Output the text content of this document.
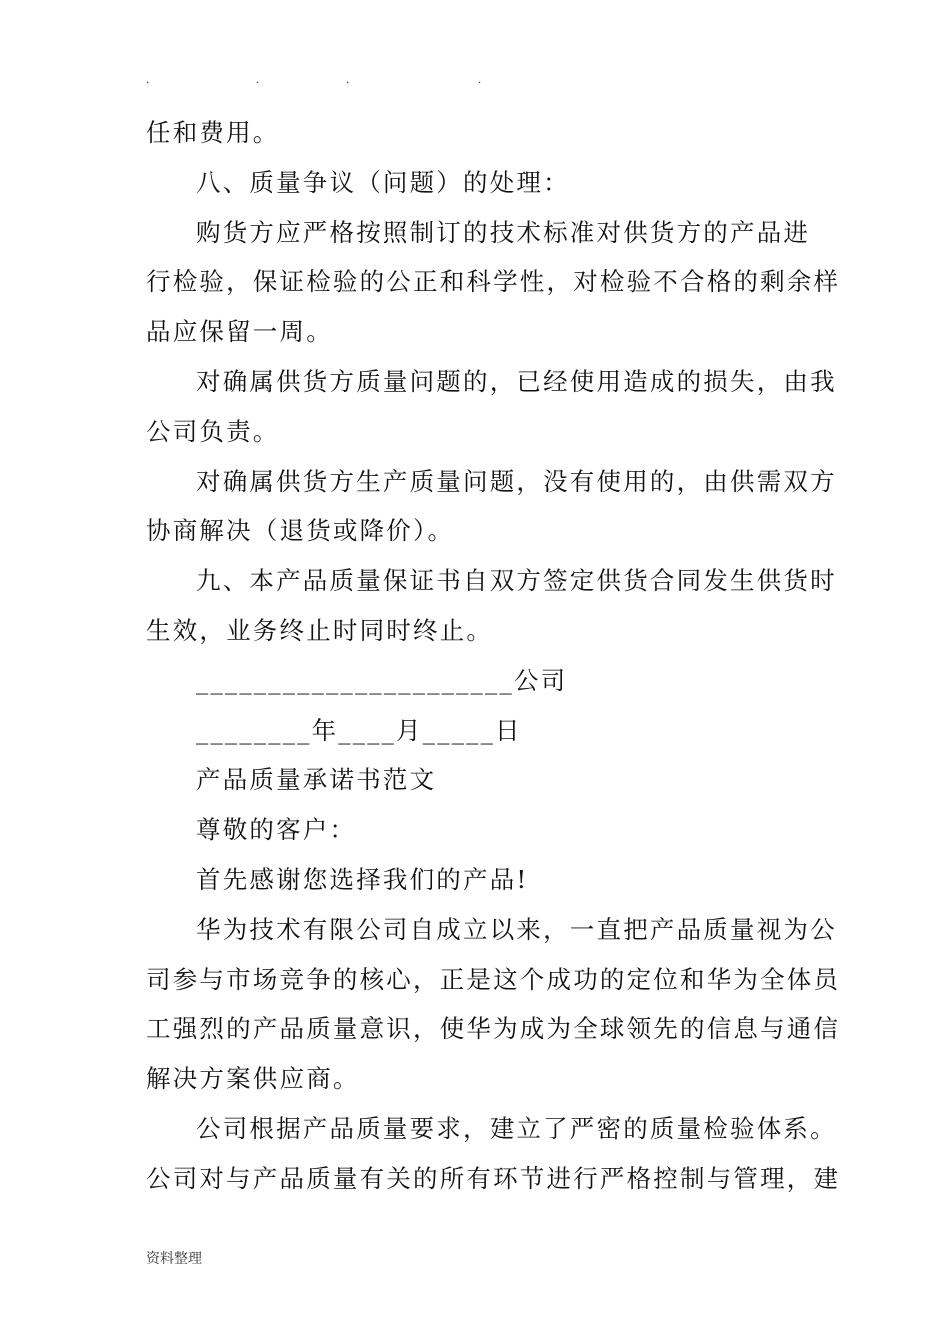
.	.	.	.
任和费用。
八、质量争议（问题）的处理：
购货方应严格按照制订的技术标准对供货方的产品进
行检验，保证检验的公正和科学性，对检验不合格的剩余样
品应保留一周。
对确属供货方质量问题的，已经使用造成的损失，由我
公司负责。
对确属供货方生产质量问题，没有使用的，由供需双方
协商解决（退货或降价）。
九、本产品质量保证书自双方签定供货合同发生供货时
生效，业务终止时同时终止。
______________________公司
________年____月_____日
产品质量承诺书范文
尊敬的客户：
首先感谢您选择我们的产品!
华为技术有限公司自成立以来，一直把产品质量视为公
司参与市场竞争的核心，正是这个成功的定位和华为全体员
工强烈的产品质量意识，使华为成为全球领先的信息与通信
解决方案供应商。
公司根据产品质量要求，建立了严密的质量检验体系。
公司对与产品质量有关的所有环节进行严格控制与管理，建
资料整理
